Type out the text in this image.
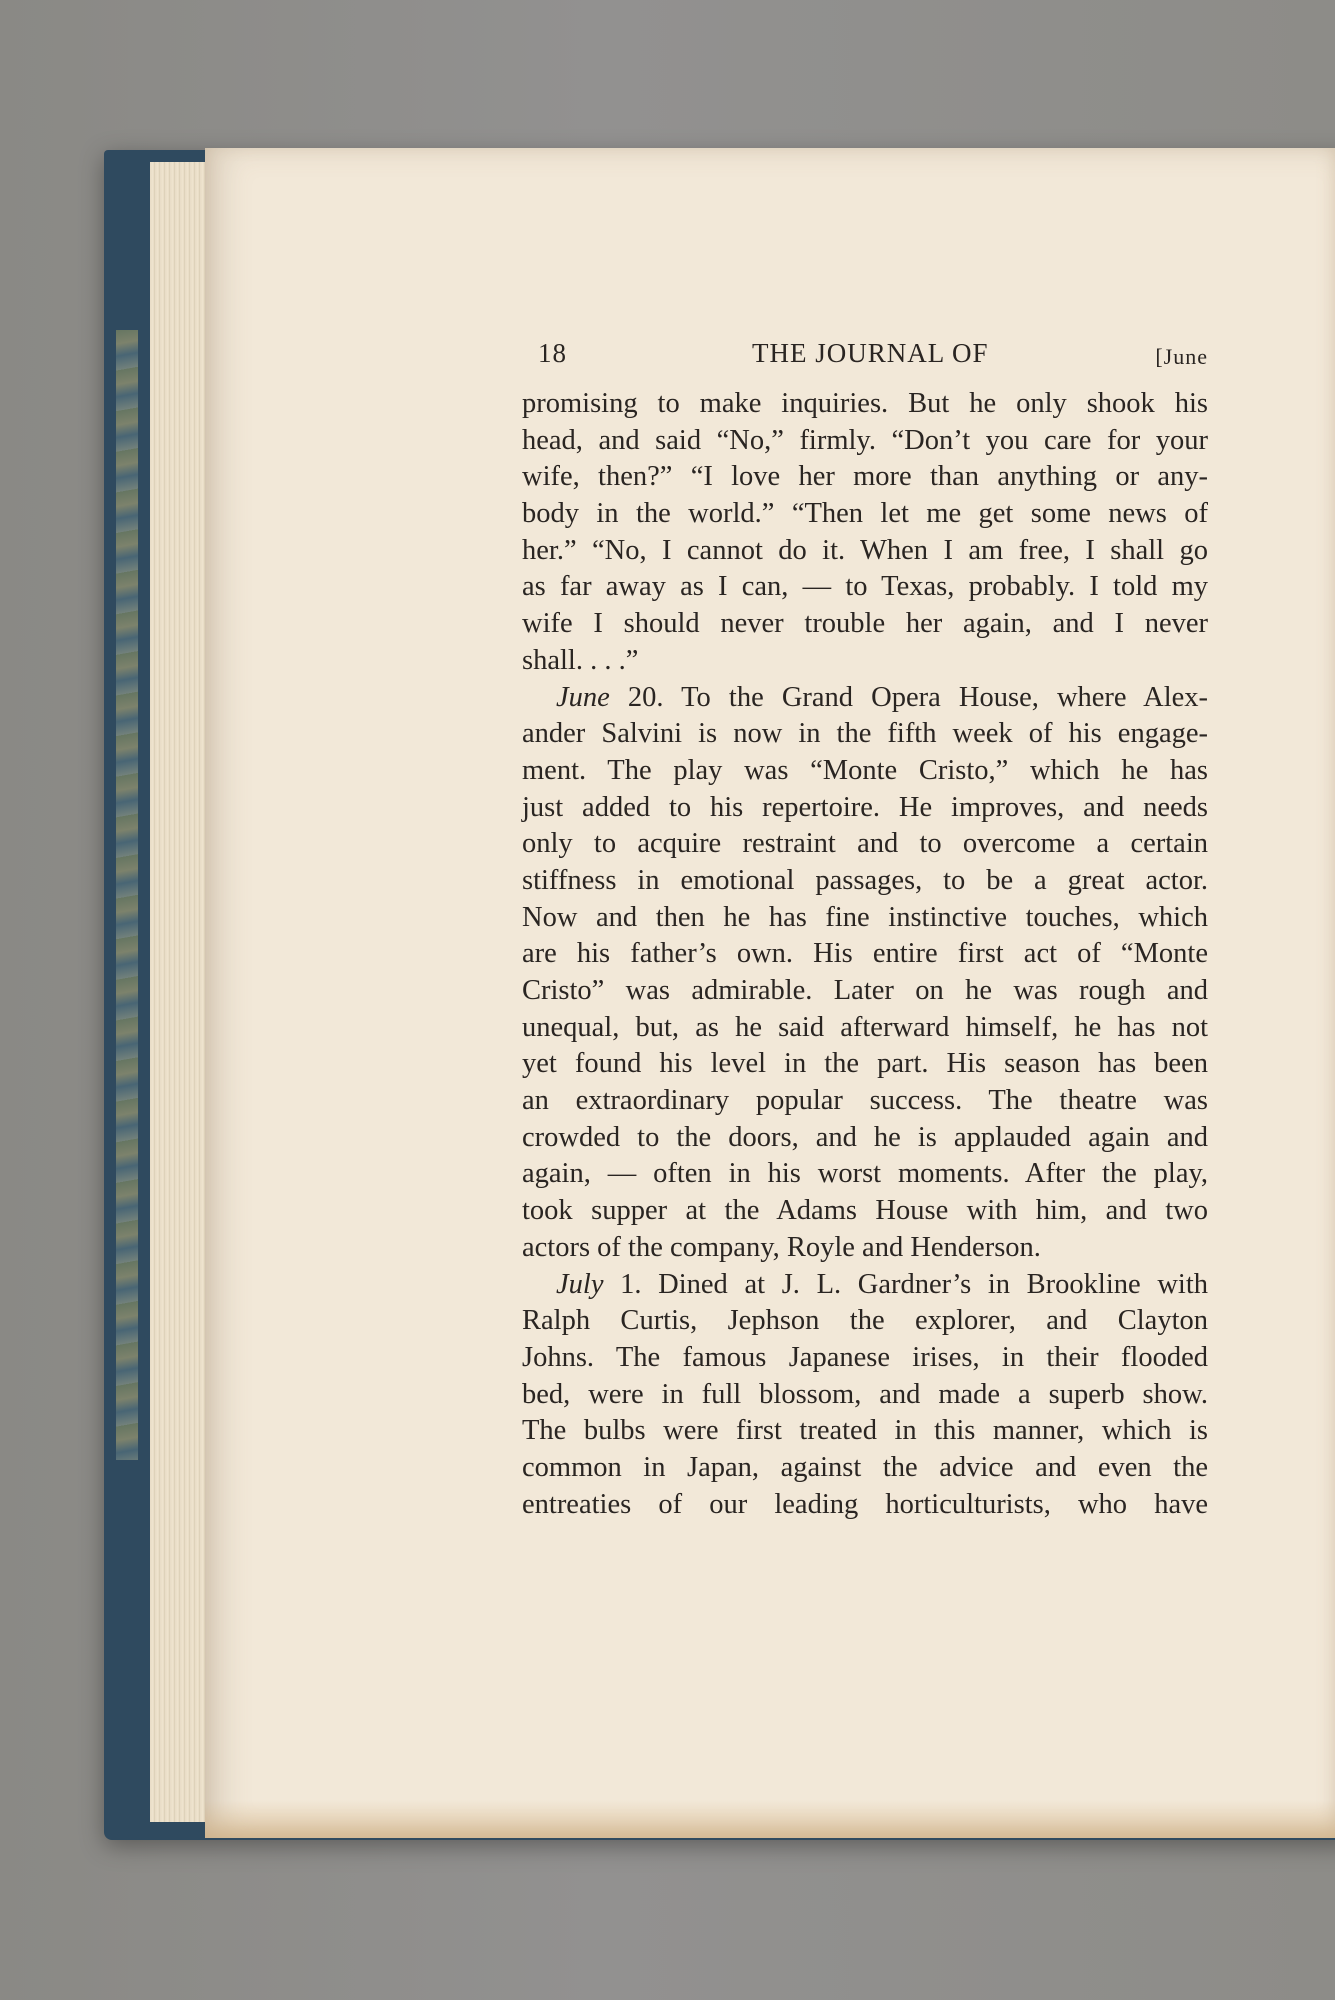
18	THE JOURNAL OF	[June
promising to make inquiries. But he only shook his
head, and said “No,” firmly. “Don’t you care for your
wife, then?” “I love her more than anything or any-
body in the world.” “Then let me get some news of
her.” “No, I cannot do it. When I am free, I shall go
as far away as I can, — to Texas, probably. I told my
wife I should never trouble her again, and I never
shall. . . .”
June 20. To the Grand Opera House, where Alex-
ander Salvini is now in the fifth week of his engage-
ment. The play was “Monte Cristo,” which he has
just added to his repertoire. He improves, and needs
only to acquire restraint and to overcome a certain
stiffness in emotional passages, to be a great actor.
Now and then he has fine instinctive touches, which
are his father’s own. His entire first act of “Monte
Cristo” was admirable. Later on he was rough and
unequal, but, as he said afterward himself, he has not
yet found his level in the part. His season has been
an extraordinary popular success. The theatre was
crowded to the doors, and he is applauded again and
again, — often in his worst moments. After the play,
took supper at the Adams House with him, and two
actors of the company, Royle and Henderson.
July 1. Dined at J. L. Gardner’s in Brookline with
Ralph Curtis, Jephson the explorer, and Clayton
Johns. The famous Japanese irises, in their flooded
bed, were in full blossom, and made a superb show.
The bulbs were first treated in this manner, which is
common in Japan, against the advice and even the
entreaties of our leading horticulturists, who have
